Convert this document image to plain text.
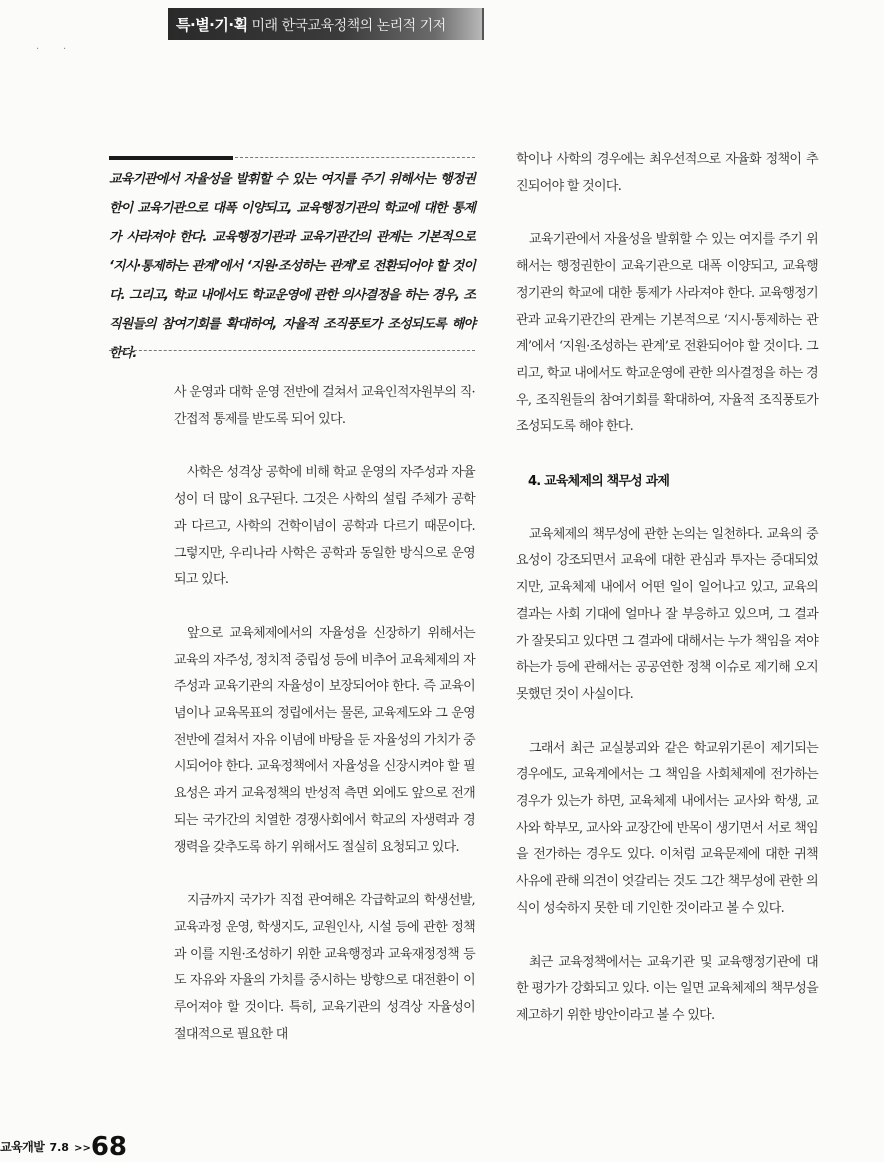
· ·
특·별·기·획 미래 한국교육정책의 논리적 기저
교육기관에서 자율성을 발휘할 수 있는 여지를 주기 위해서는 행정권한이 교육기관으로 대폭 이양되고, 교육행정기관의 학교에 대한 통제가 사라져야 한다. 교육행정기관과 교육기관간의 관계는 기본적으로 ‘지시·통제하는 관계’에서 ‘지원·조성하는 관계’로 전환되어야 할 것이다. 그리고, 학교 내에서도 학교운영에 관한 의사결정을 하는 경우, 조직원들의 참여기회를 확대하여, 자율적 조직풍토가 조성되도록 해야 한다.

사 운영과 대학 운영 전반에 걸쳐서 교육인적자원부의 직·간접적 통제를 받도록 되어 있다.

사학은 성격상 공학에 비해 학교 운영의 자주성과 자율성이 더 많이 요구된다. 그것은 사학의 설립 주체가 공학과 다르고, 사학의 건학이념이 공학과 다르기 때문이다. 그렇지만, 우리나라 사학은 공학과 동일한 방식으로 운영되고 있다.

앞으로 교육체제에서의 자율성을 신장하기 위해서는 교육의 자주성, 정치적 중립성 등에 비추어 교육체제의 자주성과 교육기관의 자율성이 보장되어야 한다. 즉 교육이념이나 교육목표의 정립에서는 물론, 교육제도와 그 운영 전반에 걸쳐서 자유 이념에 바탕을 둔 자율성의 가치가 중시되어야 한다. 교육정책에서 자율성을 신장시켜야 할 필요성은 과거 교육정책의 반성적 측면 외에도 앞으로 전개되는 국가간의 치열한 경쟁사회에서 학교의 자생력과 경쟁력을 갖추도록 하기 위해서도 절실히 요청되고 있다.

지금까지 국가가 직접 관여해온 각급학교의 학생선발, 교육과정 운영, 학생지도, 교원인사, 시설 등에 관한 정책과 이를 지원·조성하기 위한 교육행정과 교육재정정책 등도 자유와 자율의 가치를 중시하는 방향으로 대전환이 이루어져야 할 것이다. 특히, 교육기관의 성격상 자율성이 절대적으로 필요한 대

학이나 사학의 경우에는 최우선적으로 자율화 정책이 추진되어야 할 것이다.

교육기관에서 자율성을 발휘할 수 있는 여지를 주기 위해서는 행정권한이 교육기관으로 대폭 이양되고, 교육행정기관의 학교에 대한 통제가 사라져야 한다. 교육행정기관과 교육기관간의 관계는 기본적으로 ‘지시·통제하는 관계’에서 ‘지원·조성하는 관계’로 전환되어야 할 것이다. 그리고, 학교 내에서도 학교운영에 관한 의사결정을 하는 경우, 조직원들의 참여기회를 확대하여, 자율적 조직풍토가 조성되도록 해야 한다.

4. 교육체제의 책무성 과제

교육체제의 책무성에 관한 논의는 일천하다. 교육의 중요성이 강조되면서 교육에 대한 관심과 투자는 증대되었지만, 교육체제 내에서 어떤 일이 일어나고 있고, 교육의 결과는 사회 기대에 얼마나 잘 부응하고 있으며, 그 결과가 잘못되고 있다면 그 결과에 대해서는 누가 책임을 져야하는가 등에 관해서는 공공연한 정책 이슈로 제기해 오지 못했던 것이 사실이다.

그래서 최근 교실붕괴와 같은 학교위기론이 제기되는 경우에도, 교육계에서는 그 책임을 사회체제에 전가하는 경우가 있는가 하면, 교육체제 내에서는 교사와 학생, 교사와 학부모, 교사와 교장간에 반목이 생기면서 서로 책임을 전가하는 경우도 있다. 이처럼 교육문제에 대한 귀책 사유에 관해 의견이 엇갈리는 것도 그간 책무성에 관한 의식이 성숙하지 못한 데 기인한 것이라고 볼 수 있다.

최근 교육정책에서는 교육기관 및 교육행정기관에 대한 평가가 강화되고 있다. 이는 일면 교육체제의 책무성을 제고하기 위한 방안이라고 볼 수 있다.

교육개발 7.8 >>68
